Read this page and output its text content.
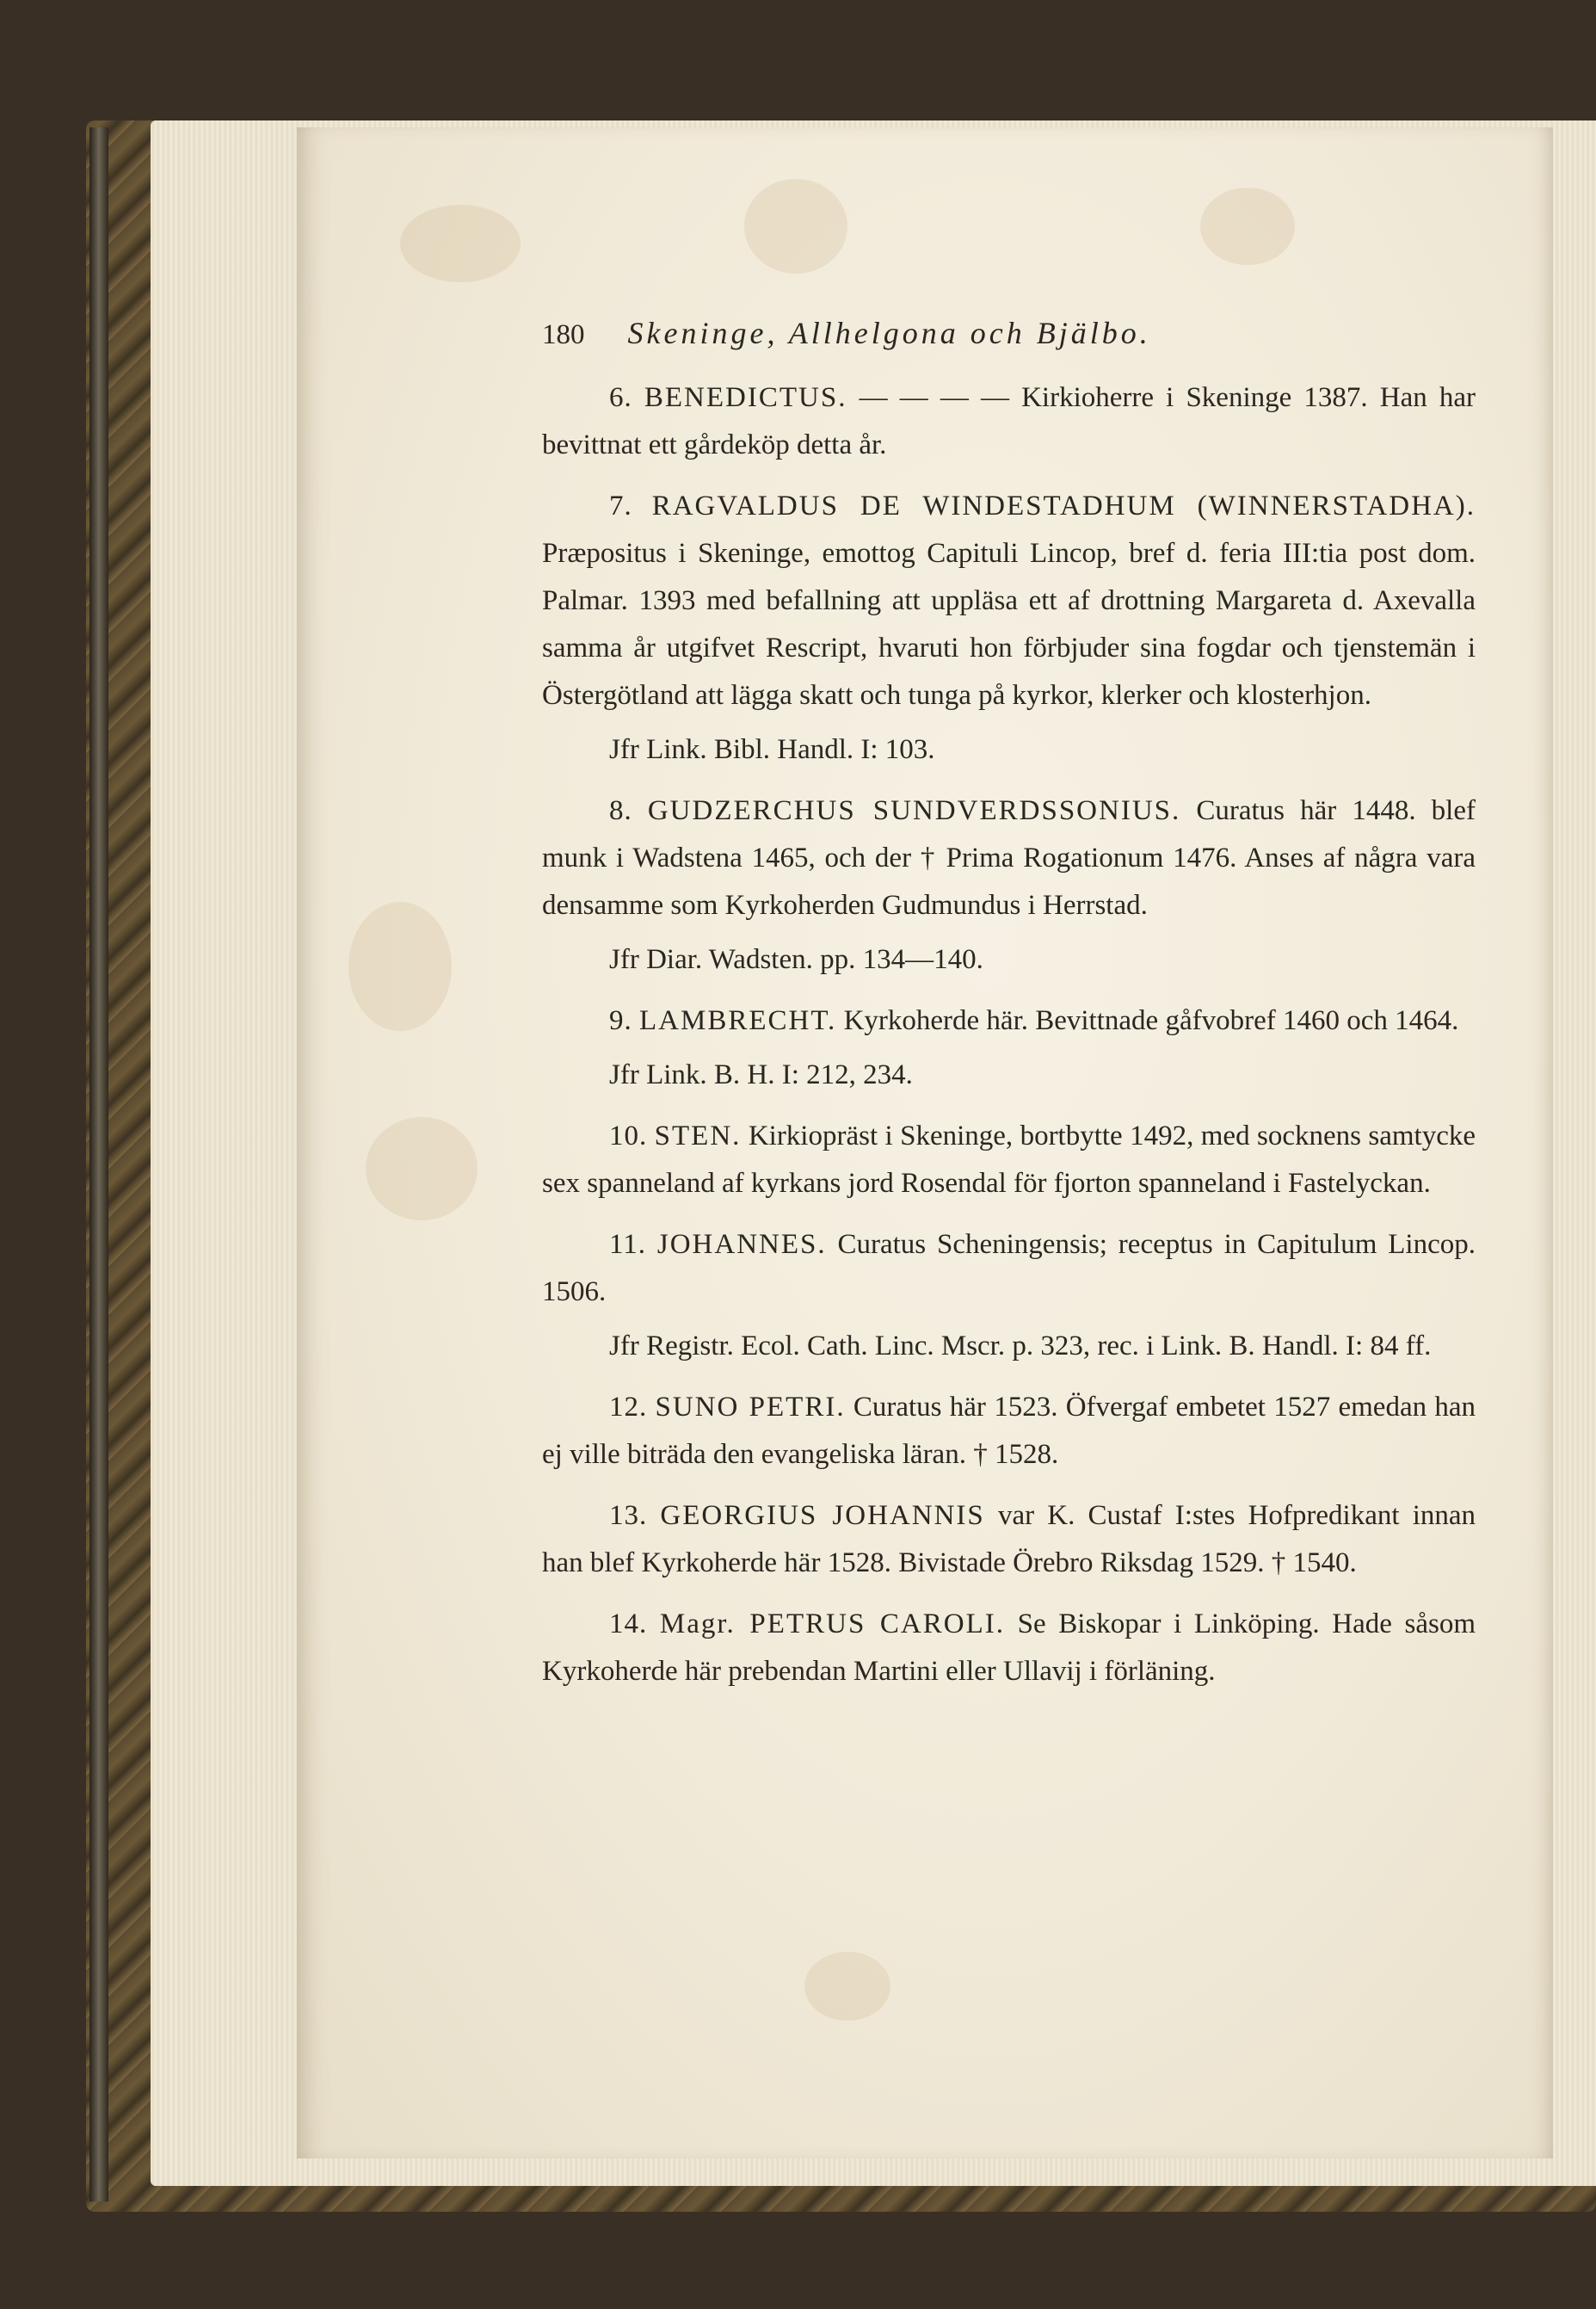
180 Skeninge, Allhelgona och Bjälbo.

6. BENEDICTUS. — — — — Kirkioherre i Skeninge 1387. Han har bevittnat ett gårdeköp detta år.

7. RAGVALDUS DE WINDESTADHUM (WINNERSTADHA). Præpositus i Skeninge, emottog Capituli Lincop, bref d. feria III:tia post dom. Palmar. 1393 med befallning att uppläsa ett af drottning Margareta d. Axevalla samma år utgifvet Rescript, hvaruti hon förbjuder sina fogdar och tjenstemän i Östergötland att lägga skatt och tunga på kyrkor, klerker och klosterhjon.

Jfr Link. Bibl. Handl. I: 103.

8. GUDZERCHUS SUNDVERDSSONIUS. Curatus här 1448. blef munk i Wadstena 1465, och der † Prima Rogationum 1476. Anses af några vara densamme som Kyrkoherden Gudmundus i Herrstad.

Jfr Diar. Wadsten. pp. 134—140.

9. LAMBRECHT. Kyrkoherde här. Bevittnade gåfvobref 1460 och 1464.

Jfr Link. B. H. I: 212, 234.

10. STEN. Kirkiopräst i Skeninge, bortbytte 1492, med socknens samtycke sex spanneland af kyrkans jord Rosendal för fjorton spanneland i Fastelyckan.

11. JOHANNES. Curatus Scheningensis; receptus in Capitulum Lincop. 1506.

Jfr Registr. Ecol. Cath. Linc. Mscr. p. 323, rec. i Link. B. Handl. I: 84 ff.

12. SUNO PETRI. Curatus här 1523. Öfvergaf embetet 1527 emedan han ej ville biträda den evangeliska läran. † 1528.

13. GEORGIUS JOHANNIS var K. Custaf I:stes Hofpredikant innan han blef Kyrkoherde här 1528. Bivistade Örebro Riksdag 1529. † 1540.

14. Magr. PETRUS CAROLI. Se Biskopar i Linköping. Hade såsom Kyrkoherde här prebendan Martini eller Ullavij i förläning.
